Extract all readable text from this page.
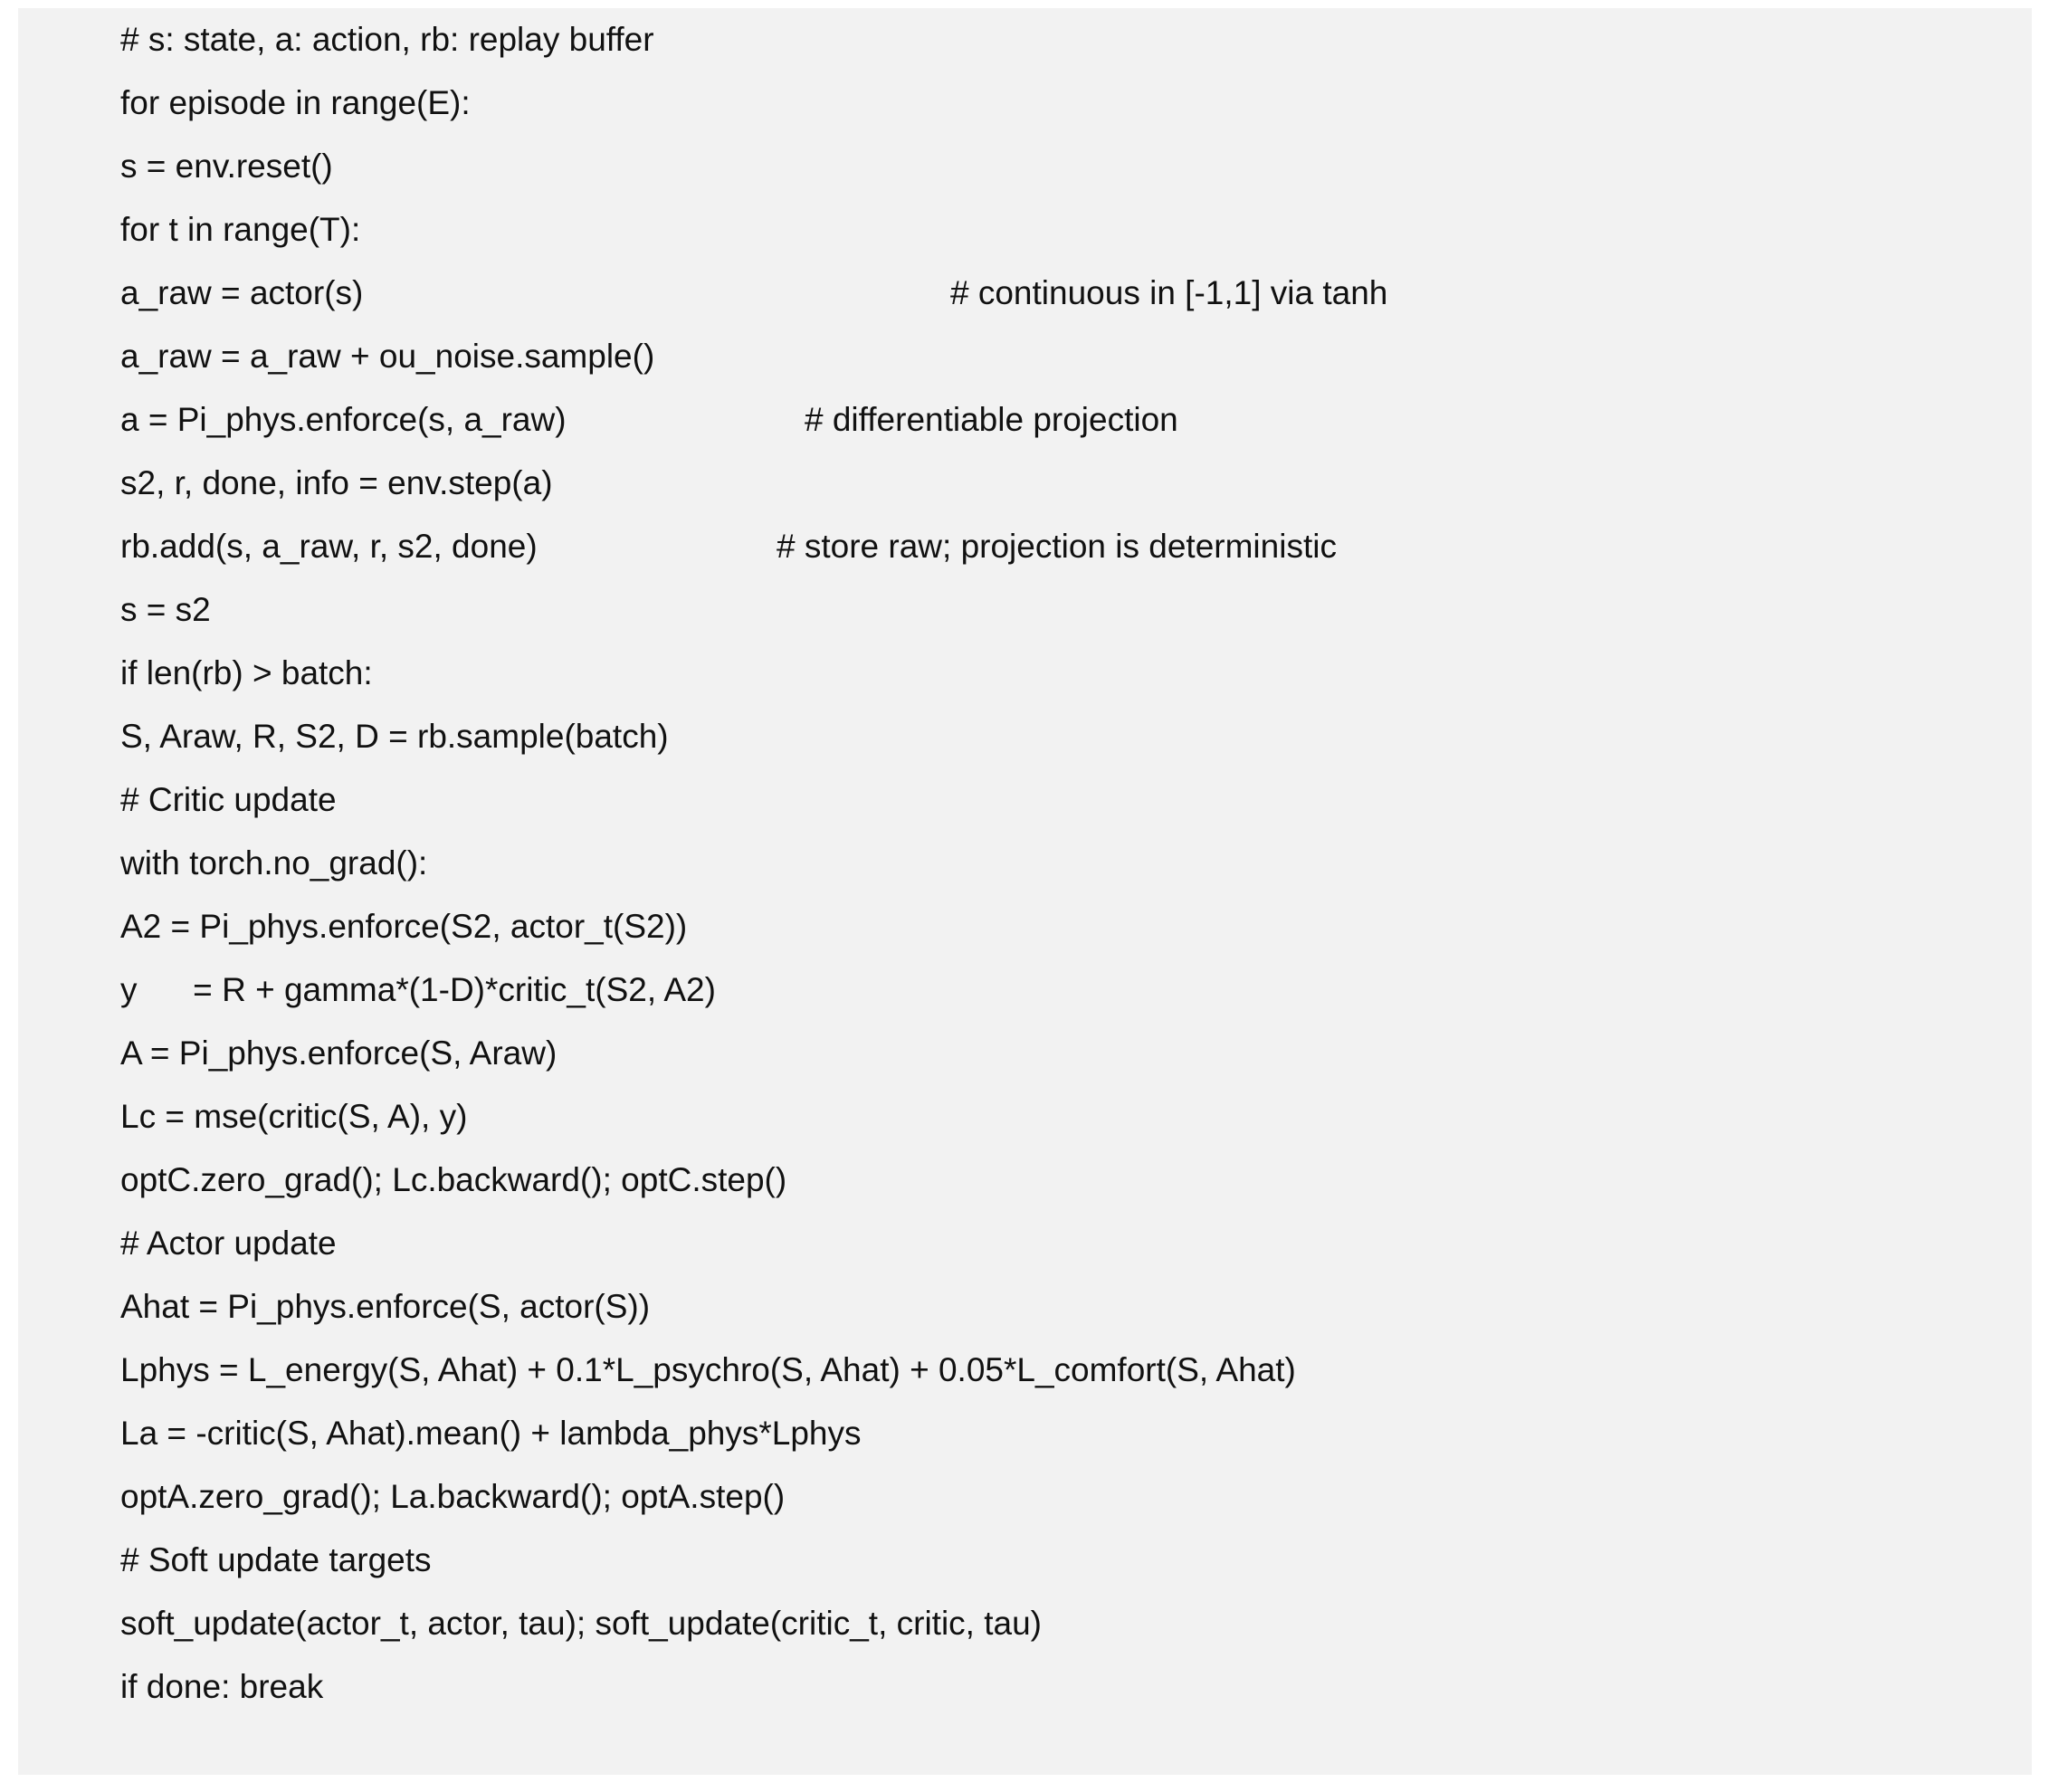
# s: state, a: action, rb: replay buffer
for episode in range(E):
s = env.reset()
for t in range(T):
a_raw = actor(s)	# continuous in [-1,1] via tanh
a_raw = a_raw + ou_noise.sample()
a = Pi_phys.enforce(s, a_raw)	# differentiable projection
s2, r, done, info = env.step(a)
rb.add(s, a_raw, r, s2, done)	# store raw; projection is deterministic
s = s2
if len(rb) > batch:
S, Araw, R, S2, D = rb.sample(batch)
# Critic update
with torch.no_grad():
A2 = Pi_phys.enforce(S2, actor_t(S2))
y      = R + gamma*(1-D)*critic_t(S2, A2)
A = Pi_phys.enforce(S, Araw)
Lc = mse(critic(S, A), y)
optC.zero_grad(); Lc.backward(); optC.step()
# Actor update
Ahat = Pi_phys.enforce(S, actor(S))
Lphys = L_energy(S, Ahat) + 0.1*L_psychro(S, Ahat) + 0.05*L_comfort(S, Ahat)
La = -critic(S, Ahat).mean() + lambda_phys*Lphys
optA.zero_grad(); La.backward(); optA.step()
# Soft update targets
soft_update(actor_t, actor, tau); soft_update(critic_t, critic, tau)
if done: break
